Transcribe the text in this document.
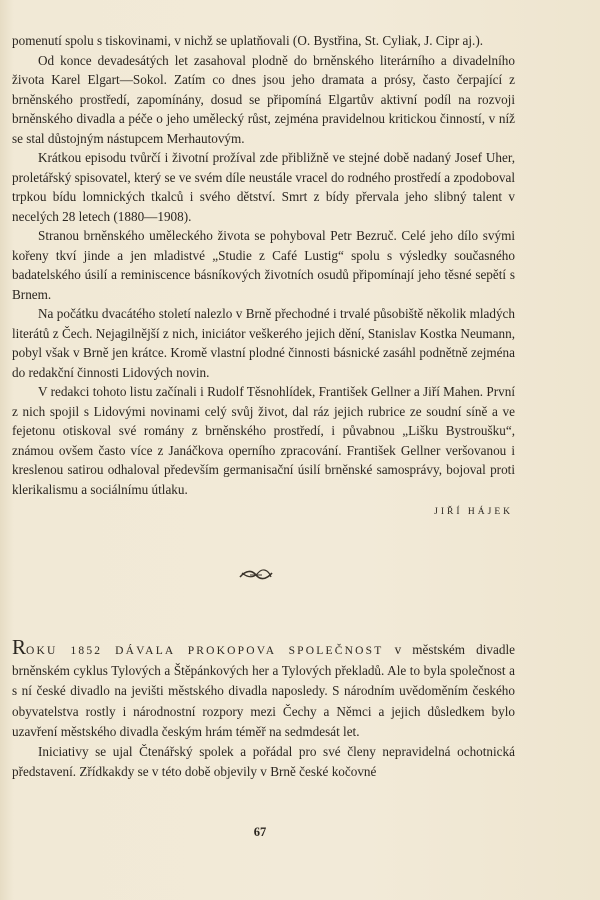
pomenutí spolu s tiskovinami, v nichž se uplatňovali (O. Bystřina, St. Cyliak, J. Cipr aj.).

Od konce devadesátých let zasahoval plodně do brněnského literárního a divadelního života Karel Elgart—Sokol. Zatím co dnes jsou jeho dramata a prósy, často čerpající z brněnského prostředí, zapomínány, dosud se připomíná Elgartův aktivní podíl na rozvoji brněnského divadla a péče o jeho umělecký růst, zejména pravidelnou kritickou činností, v níž se stal důstojným nástupcem Merhautovým.

Krátkou episodu tvůrčí i životní prožíval zde přibližně ve stejné době nadaný Josef Uher, proletářský spisovatel, který se ve svém díle neustále vracel do rodného prostředí a zpodoboval trpkou bídu lomnických tkalců i svého dětství. Smrt z bídy přervala jeho slibný talent v necelých 28 letech (1880—1908).

Stranou brněnského uměleckého života se pohyboval Petr Bezruč. Celé jeho dílo svými kořeny tkví jinde a jen mladistvé „Studie z Café Lustig“ spolu s výsledky současného badatelského úsilí a reminiscence básníkových životních osudů připomínají jeho těsné sepětí s Brnem.

Na počátku dvacátého století nalezlo v Brně přechodné i trvalé působiště několik mladých literátů z Čech. Nejagilnější z nich, iniciátor veškerého jejich dění, Stanislav Kostka Neumann, pobyl však v Brně jen krátce. Kromě vlastní plodné činnosti básnické zasáhl podnětně zejména do redakční činnosti Lidových novin.

V redakci tohoto listu začínali i Rudolf Těsnohlídek, František Gellner a Jiří Mahen. První z nich spojil s Lidovými novinami celý svůj život, dal ráz jejich rubrice ze soudní síně a ve fejetonu otiskoval své romány z brněnského prostředí, i půvabnou „Lišku Bystroušku“, známou ovšem často více z Janáčkova operního zpracování. František Gellner veršovanou i kreslenou satirou odhaloval především germanisační úsilí brněnské samosprávy, bojoval proti klerikalismu a sociálnímu útlaku.

JIŘÍ HÁJEK

ROKU 1852 DÁVALA PROKOPOVA SPOLEČNOST v městském divadle brněnském cyklus Tylových a Štěpánkových her a Tylových překladů. Ale to byla společnost a s ní české divadlo na jevišti městského divadla naposledy. S národním uvědoměním českého obyvatelstva rostly i národnostní rozpory mezi Čechy a Němci a jejich důsledkem bylo uzavření městského divadla českým hrám téměř na sedmdesát let.

Iniciativy se ujal Čtenářský spolek a pořádal pro své členy nepravidelná ochotnická představení. Zřídkakdy se v této době objevily v Brně české kočovné

67
